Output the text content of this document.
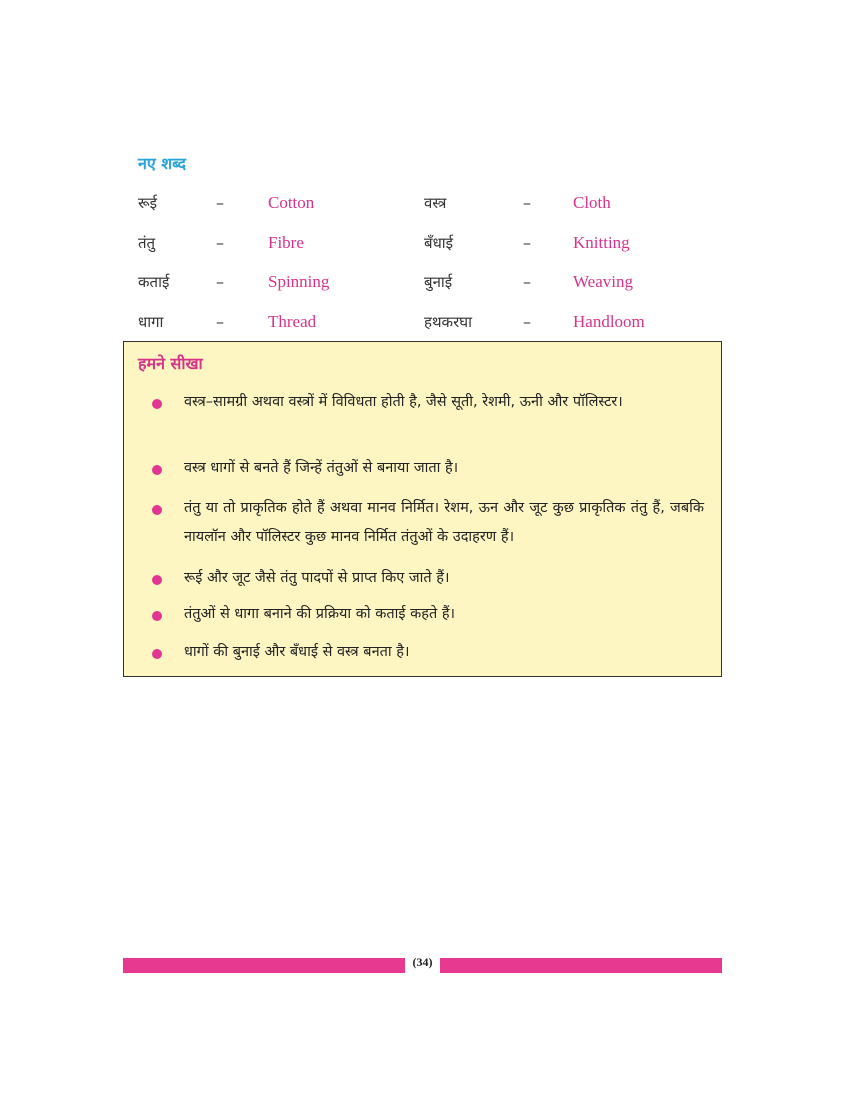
नए शब्द
रूई	–	Cotton	वस्त्र	– Cloth
तंतु	–	Fibre	बँधाई	– Knitting
कताई	–	Spinning	बुनाई	– Weaving
धागा	–	Thread	हथकरघा	– Handloom
हमने सीखा
वस्त्र–सामग्री अथवा वस्त्रों में विविधता होती है, जैसे सूती, रेशमी, ऊनी और पॉलिस्टर।
वस्त्र धागों से बनते हैं जिन्हें तंतुओं से बनाया जाता है।
तंतु या तो प्राकृतिक होते हैं अथवा मानव निर्मित। रेशम, ऊन और जूट कुछ प्राकृतिक तंतु हैं, जबकि नायलॉन और पॉलिस्टर कुछ मानव निर्मित तंतुओं के उदाहरण हैं।
रूई और जूट जैसे तंतु पादपों से प्राप्त किए जाते हैं।
तंतुओं से धागा बनाने की प्रक्रिया को कताई कहते हैं।
धागों की बुनाई और बँधाई से वस्त्र बनता है।
(34)
